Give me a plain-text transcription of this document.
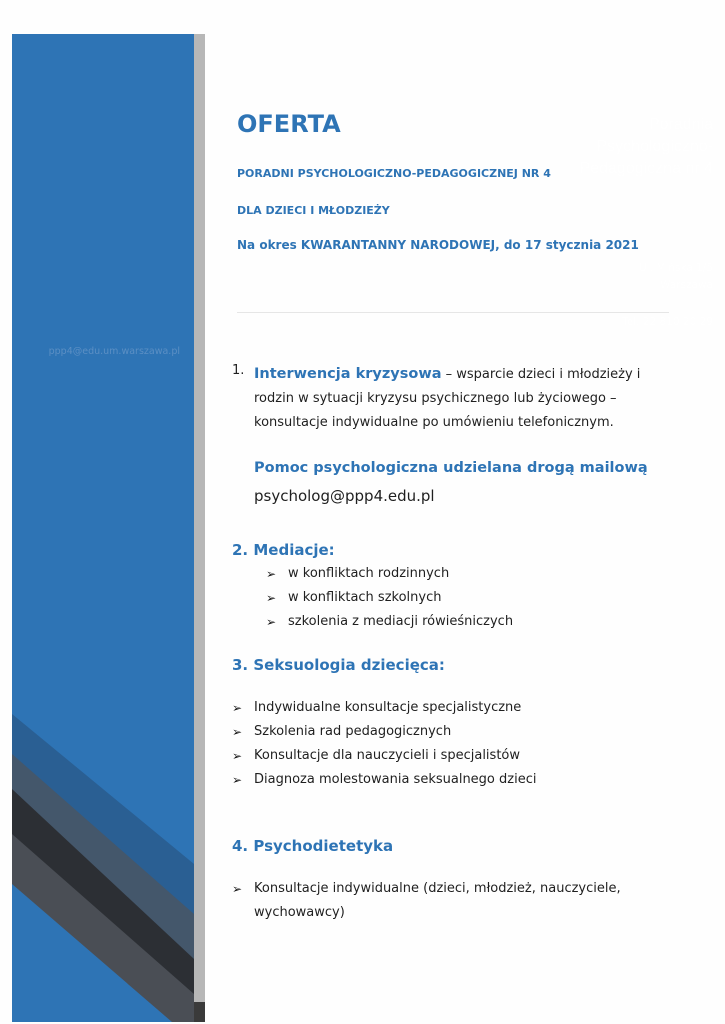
Poradnia
Psychologiczno-
Pedagogiczna nr 4
Ul. Mińska 1/5
Warszawa
Tel. 22 810 20 29
ppp4@edu.um.warszawa.pl
OFERTA
PORADNI PSYCHOLOGICZNO-PEDAGOGICZNEJ NR 4
DLA DZIECI I MŁODZIEŻY
Na okres KWARANTANNY NARODOWEJ, do 17 stycznia 2021
1. Interwencja kryzysowa – wsparcie dzieci i młodzieży i rodzin w sytuacji kryzysu psychicznego lub życiowego – konsultacje indywidualne po umówieniu telefonicznym.
Pomoc psychologiczna udzielana drogą mailową
psycholog@ppp4.edu.pl
2. Mediacje:
➢ w konfliktach rodzinnych
➢ w konfliktach szkolnych
➢ szkolenia z mediacji rówieśniczych
3. Seksuologia dziecięca:
➢ Indywidualne konsultacje specjalistyczne
➢ Szkolenia rad pedagogicznych
➢ Konsultacje dla nauczycieli i specjalistów
➢ Diagnoza molestowania seksualnego dzieci
4. Psychodietetyka
➢ Konsultacje indywidualne (dzieci, młodzież, nauczyciele, wychowawcy)
